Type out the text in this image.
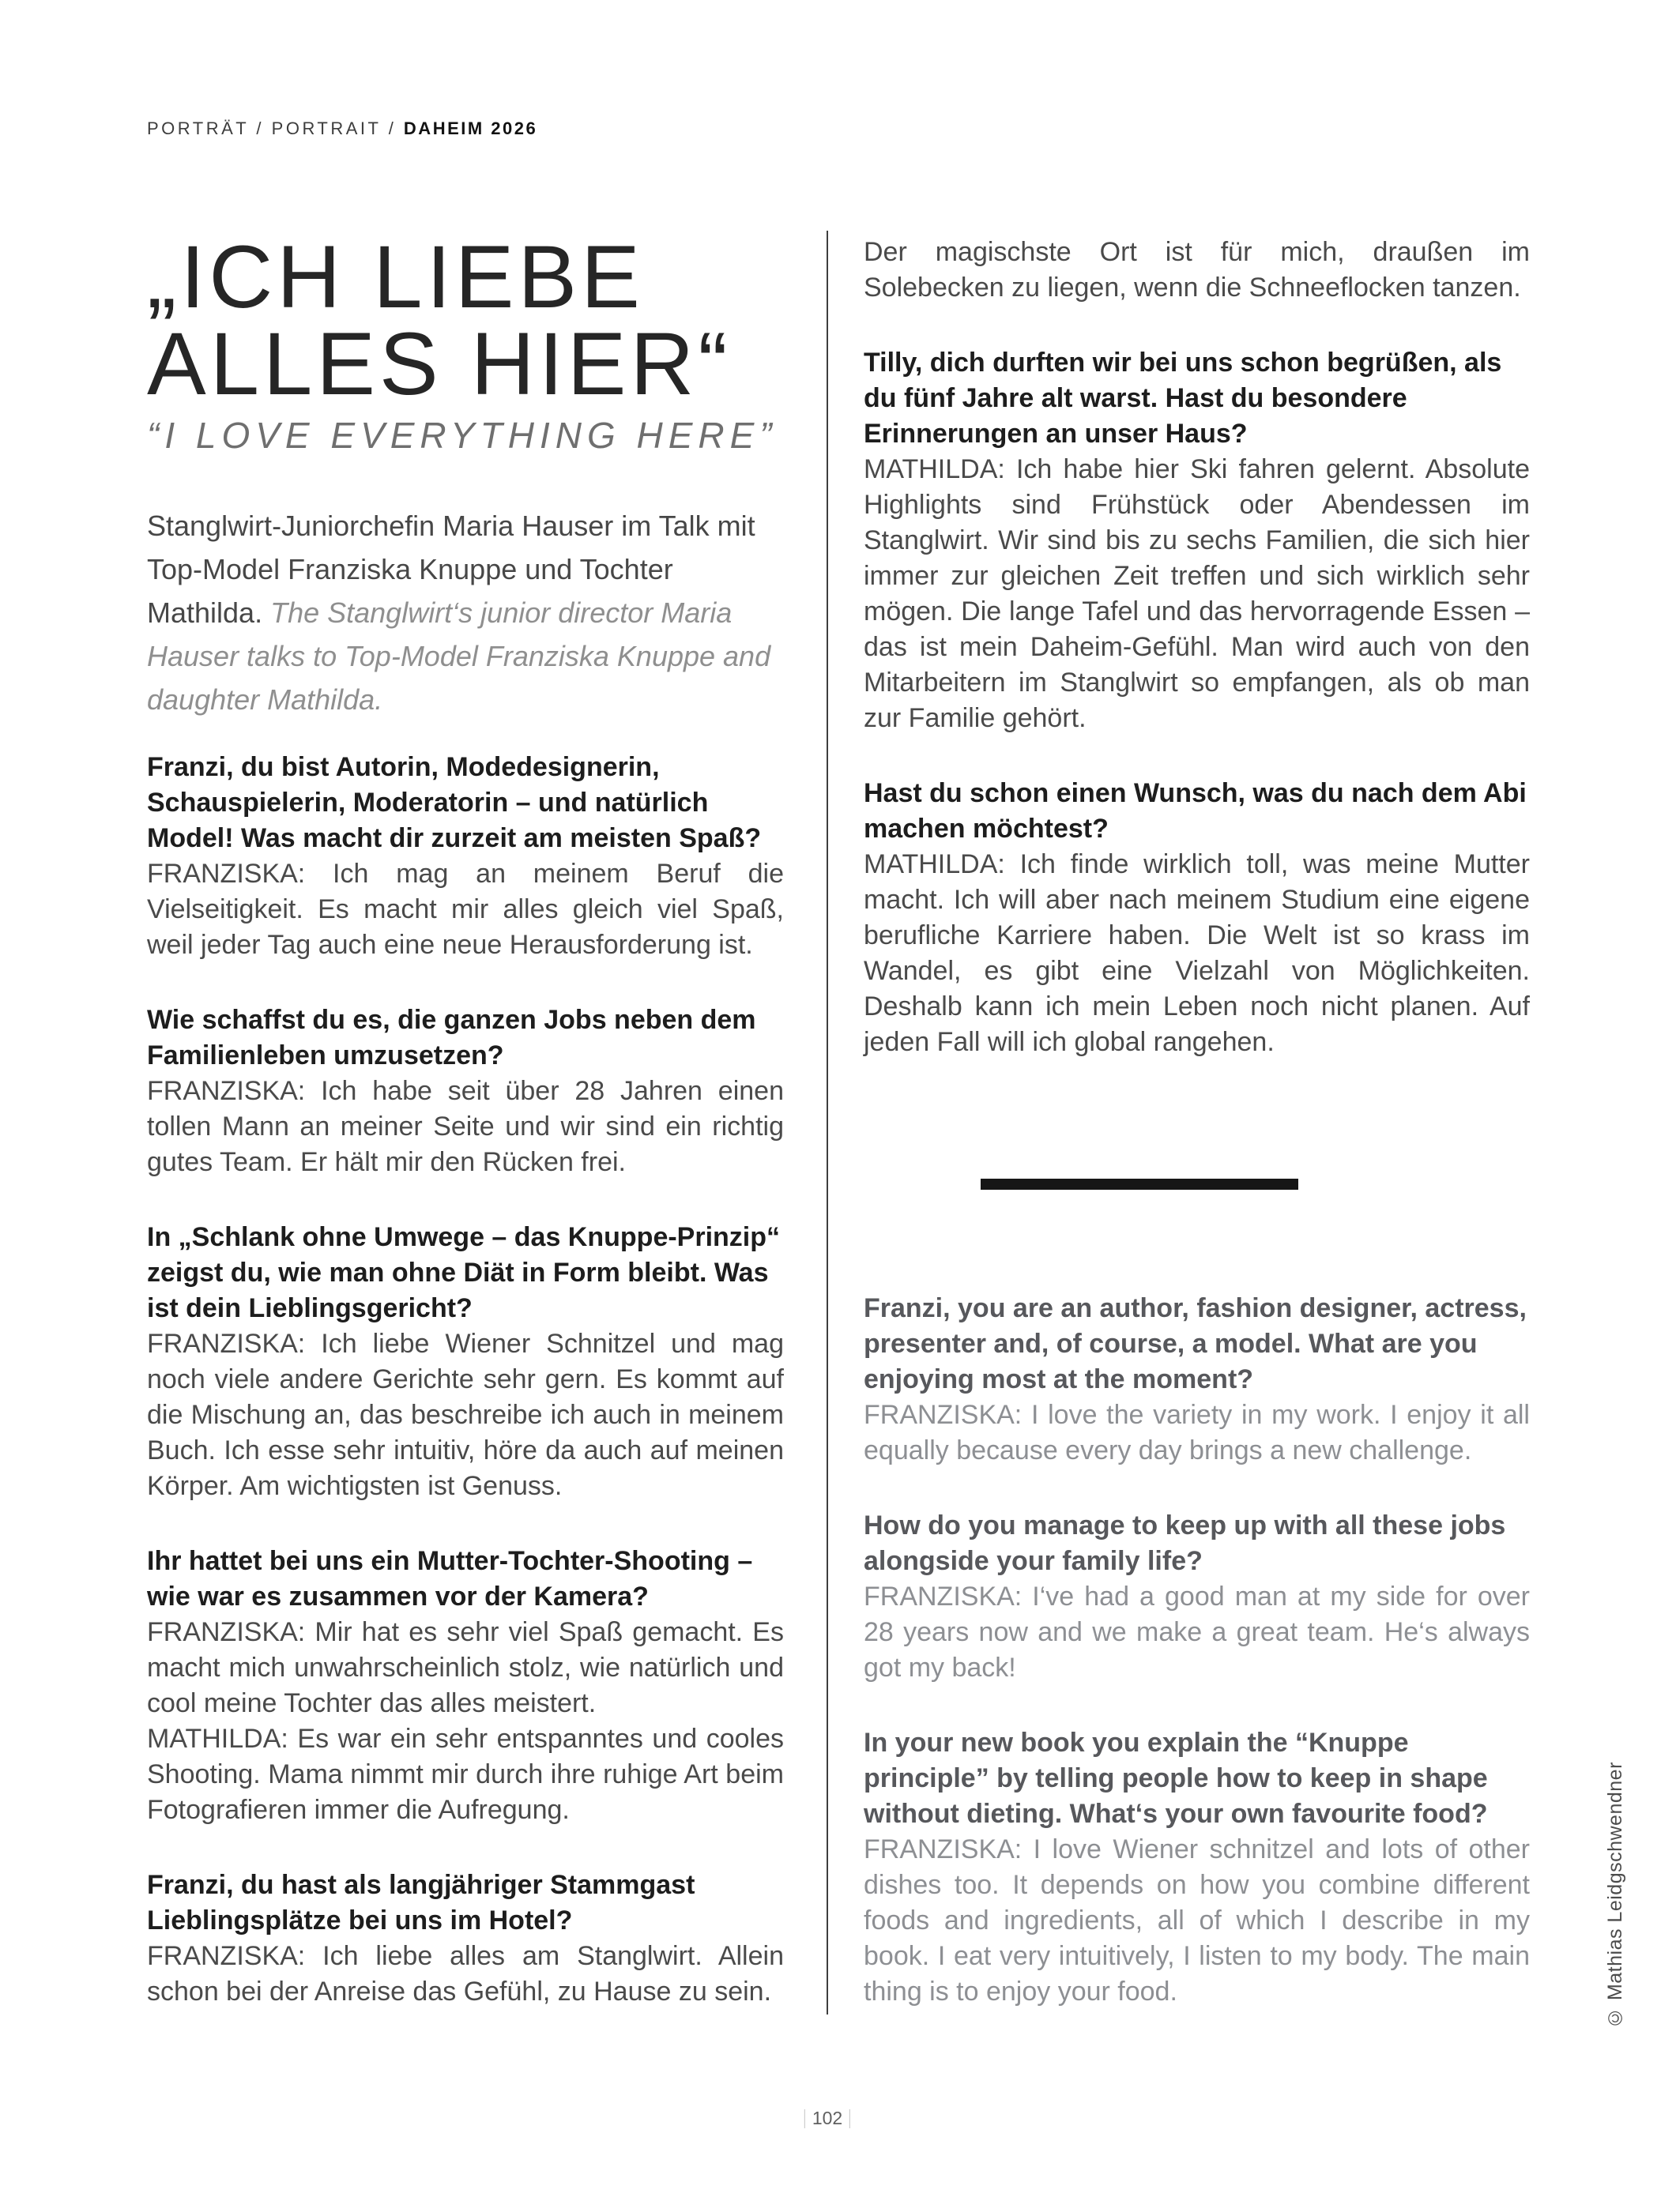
PORTRÄT / PORTRAIT / DAHEIM 2026
„ICH LIEBE
ALLES HIER“
“I LOVE EVERYTHING HERE”

Stanglwirt-Juniorchefin Maria Hauser im Talk mit Top-Model Franziska Knuppe und Tochter Mathilda. The Stanglwirt‘s junior director Maria Hauser talks to Top-Model Franziska Knuppe and daughter Mathilda.

Franzi, du bist Autorin, Modedesignerin, Schauspielerin, Moderatorin – und natürlich Model! Was macht dir zurzeit am meisten Spaß?

FRANZISKA: Ich mag an meinem Beruf die Vielseitigkeit. Es macht mir alles gleich viel Spaß, weil jeder Tag auch eine neue Herausforderung ist.

Wie schaffst du es, die ganzen Jobs neben dem Familienleben umzusetzen?

FRANZISKA: Ich habe seit über 28 Jahren einen tollen Mann an meiner Seite und wir sind ein richtig gutes Team. Er hält mir den Rücken frei.

In „Schlank ohne Umwege – das Knuppe-Prinzip“ zeigst du, wie man ohne Diät in Form bleibt. Was ist dein Lieblingsgericht?

FRANZISKA: Ich liebe Wiener Schnitzel und mag noch viele andere Gerichte sehr gern. Es kommt auf die Mischung an, das beschreibe ich auch in meinem Buch. Ich esse sehr intuitiv, höre da auch auf meinen Körper. Am wichtigsten ist Genuss.

Ihr hattet bei uns ein Mutter-Tochter-Shooting – wie war es zusammen vor der Kamera?

FRANZISKA: Mir hat es sehr viel Spaß gemacht. Es macht mich unwahrscheinlich stolz, wie natürlich und cool meine Tochter das alles meistert.

MATHILDA: Es war ein sehr entspanntes und cooles Shooting. Mama nimmt mir durch ihre ruhige Art beim Fotografieren immer die Aufregung.

Franzi, du hast als langjähriger Stammgast Lieblingsplätze bei uns im Hotel?

FRANZISKA: Ich liebe alles am Stanglwirt. Allein schon bei der Anreise das Gefühl, zu Hause zu sein.

Der magischste Ort ist für mich, draußen im Solebecken zu liegen, wenn die Schneeflocken tanzen.

Tilly, dich durften wir bei uns schon begrüßen, als du fünf Jahre alt warst. Hast du besondere Erinnerungen an unser Haus?

MATHILDA: Ich habe hier Ski fahren gelernt. Absolute Highlights sind Frühstück oder Abendessen im Stanglwirt. Wir sind bis zu sechs Familien, die sich hier immer zur gleichen Zeit treffen und sich wirklich sehr mögen. Die lange Tafel und das hervorragende Essen – das ist mein Daheim-Gefühl. Man wird auch von den Mitarbeitern im Stanglwirt so empfangen, als ob man zur Familie gehört.

Hast du schon einen Wunsch, was du nach dem Abi machen möchtest?

MATHILDA: Ich finde wirklich toll, was meine Mutter macht. Ich will aber nach meinem Studium eine eigene berufliche Karriere haben. Die Welt ist so krass im Wandel, es gibt eine Vielzahl von Möglichkeiten. Deshalb kann ich mein Leben noch nicht planen. Auf jeden Fall will ich global rangehen.

Franzi, you are an author, fashion designer, actress, presenter and, of course, a model. What are you enjoying most at the moment?

FRANZISKA: I love the variety in my work. I enjoy it all equally because every day brings a new challenge.

How do you manage to keep up with all these jobs alongside your family life?

FRANZISKA: I‘ve had a good man at my side for over 28 years now and we make a great team. He‘s always got my back!

In your new book you explain the “Knuppe principle” by telling people how to keep in shape without dieting. What‘s your own favourite food?

FRANZISKA: I love Wiener schnitzel and lots of other dishes too. It depends on how you combine different foods and ingredients, all of which I describe in my book. I eat very intuitively, I listen to my body. The main thing is to enjoy your food.	© Mathias Leidgschwendner
102
